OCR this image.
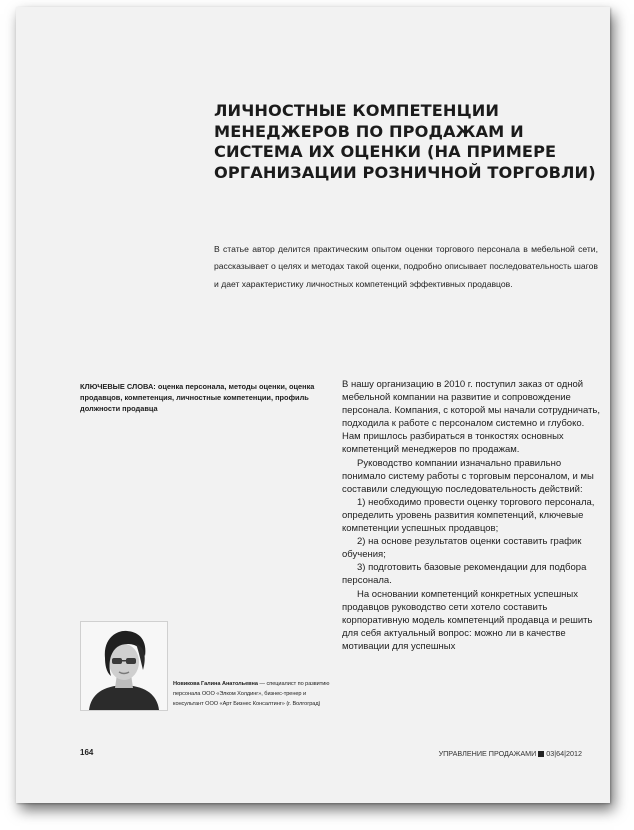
ЛИЧНОСТНЫЕ КОМПЕТЕНЦИИ МЕНЕДЖЕРОВ ПО ПРОДАЖАМ И СИСТЕМА ИХ ОЦЕНКИ (НА ПРИМЕРЕ ОРГАНИЗАЦИИ РОЗНИЧНОЙ ТОРГОВЛИ)

В статье автор делится практическим опытом оценки торгового персонала в мебельной сети, рассказывает о целях и методах такой оценки, подробно описывает последовательность шагов и дает характеристику личностных компетенций эффективных продавцов.

КЛЮЧЕВЫЕ СЛОВА: оценка персонала, методы оценки, оценка продавцов, компетенция, личностные компетенции, профиль должности продавца

Новикова Галина Анатольевна — специалист по развитию персонала ООО «Элком Холдинг», бизнес-тренер и консультант ООО «Арт Бизнес Консалтинг» (г. Волгоград)

В нашу организацию в 2010 г. поступил заказ от одной мебельной компании на развитие и сопровождение персонала. Компания, с которой мы начали сотрудничать, подходила к работе с персоналом системно и глубоко. Нам пришлось разбираться в тонкостях основных компетенций менеджеров по продажам.

Руководство компании изначально правильно понимало систему работы с торговым персоналом, и мы составили следующую последовательность действий:

1) необходимо провести оценку торгового персонала, определить уровень развития компетенций, ключевые компетенции успешных продавцов;

2) на основе результатов оценки составить график обучения;

3) подготовить базовые рекомендации для подбора персонала.

На основании компетенций конкретных успешных продавцов руководство сети хотело составить корпоративную модель компетенций продавца и решить для себя актуальный вопрос: можно ли в качестве мотивации для успешных

164	УПРАВЛЕНИЕ ПРОДАЖАМИ 03|64|2012
